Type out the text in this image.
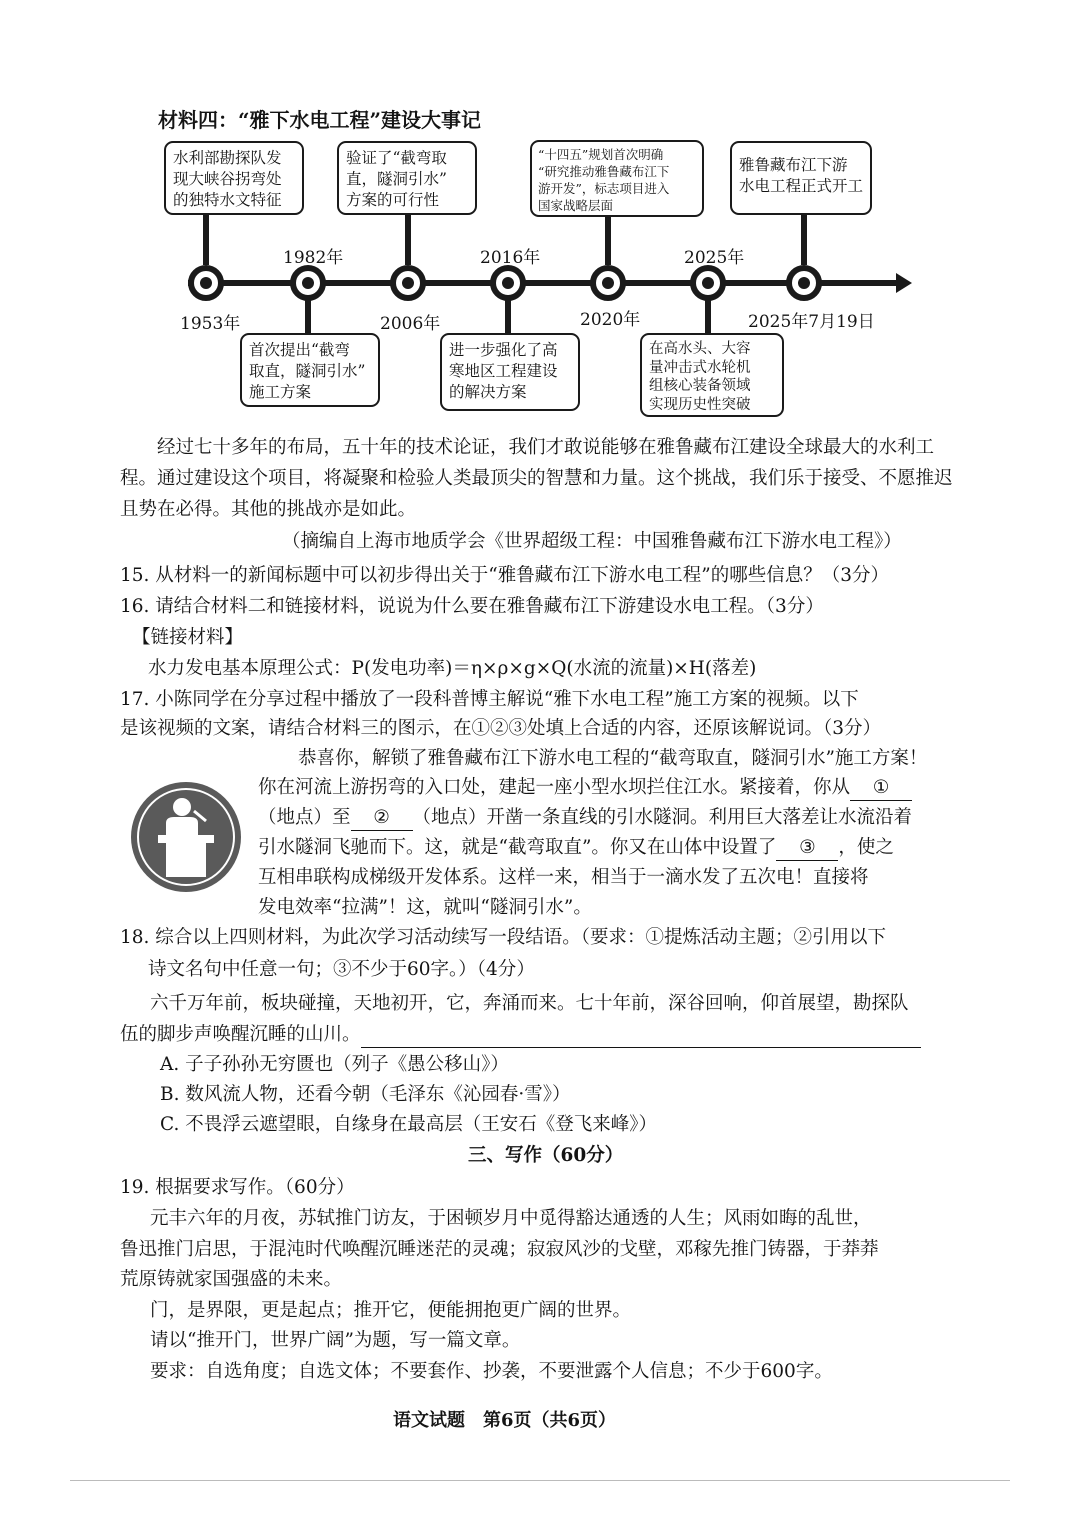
材料四：“雅下水电工程”建设大事记
1953年
1982年
2006年
2016年
2020年
2025年
2025年7月19日
水利部勘探队发
现大峡谷拐弯处
的独特水文特征
首次提出“截弯
取直，隧洞引水”
施工方案
验证了“截弯取
直，隧洞引水”
方案的可行性
进一步强化了高
寒地区工程建设
的解决方案
“十四五”规划首次明确
“研究推动雅鲁藏布江下
游开发”，标志项目进入
国家战略层面
在高水头、大容
量冲击式水轮机
组核心装备领域
实现历史性突破
雅鲁藏布江下游
水电工程正式开工
经过七十多年的布局，五十年的技术论证，我们才敢说能够在雅鲁藏布江建设全球最大的水利工程。通过建设这个项目，将凝聚和检验人类最顶尖的智慧和力量。这个挑战，我们乐于接受、不愿推迟且势在必得。其他的挑战亦是如此。
（摘编自上海市地质学会《世界超级工程：中国雅鲁藏布江下游水电工程》）
15. 从材料一的新闻标题中可以初步得出关于“雅鲁藏布江下游水电工程”的哪些信息？（3分）
16. 请结合材料二和链接材料，说说为什么要在雅鲁藏布江下游建设水电工程。（3分）
【链接材料】
水力发电基本原理公式：P(发电功率)＝η×ρ×g×Q(水流的流量)×H(落差)
17. 小陈同学在分享过程中播放了一段科普博主解说“雅下水电工程”施工方案的视频。以下
是该视频的文案，请结合材料三的图示，在①②③处填上合适的内容，还原该解说词。（3分）
恭喜你，解锁了雅鲁藏布江下游水电工程的“截弯取直，隧洞引水”施工方案！
你在河流上游拐弯的入口处，建起一座小型水坝拦住江水。紧接着，你从 ①
（地点）至 ② （地点）开凿一条直线的引水隧洞。利用巨大落差让水流沿着
引水隧洞飞驰而下。这，就是“截弯取直”。你又在山体中设置了 ③ ，使之
互相串联构成梯级开发体系。这样一来，相当于一滴水发了五次电！直接将
发电效率“拉满”！这，就叫“隧洞引水”。
18. 综合以上四则材料，为此次学习活动续写一段结语。（要求：①提炼活动主题；②引用以下
诗文名句中任意一句；③不少于60字。）（4分）
六千万年前，板块碰撞，天地初开，它，奔涌而来。七十年前，深谷回响，仰首展望，勘探队
伍的脚步声唤醒沉睡的山川。
A. 子子孙孙无穷匮也（列子《愚公移山》）
B. 数风流人物，还看今朝（毛泽东《沁园春·雪》）
C. 不畏浮云遮望眼，自缘身在最高层（王安石《登飞来峰》）
三、写作（60分）
19. 根据要求写作。（60分）
元丰六年的月夜，苏轼推门访友，于困顿岁月中觅得豁达通透的人生；风雨如晦的乱世，
鲁迅推门启思，于混沌时代唤醒沉睡迷茫的灵魂；寂寂风沙的戈壁，邓稼先推门铸器，于莽莽
荒原铸就家国强盛的未来。
门，是界限，更是起点；推开它，便能拥抱更广阔的世界。
请以“推开门，世界广阔”为题，写一篇文章。
要求：自选角度；自选文体；不要套作、抄袭，不要泄露个人信息；不少于600字。
语文试题　第6页（共6页）
